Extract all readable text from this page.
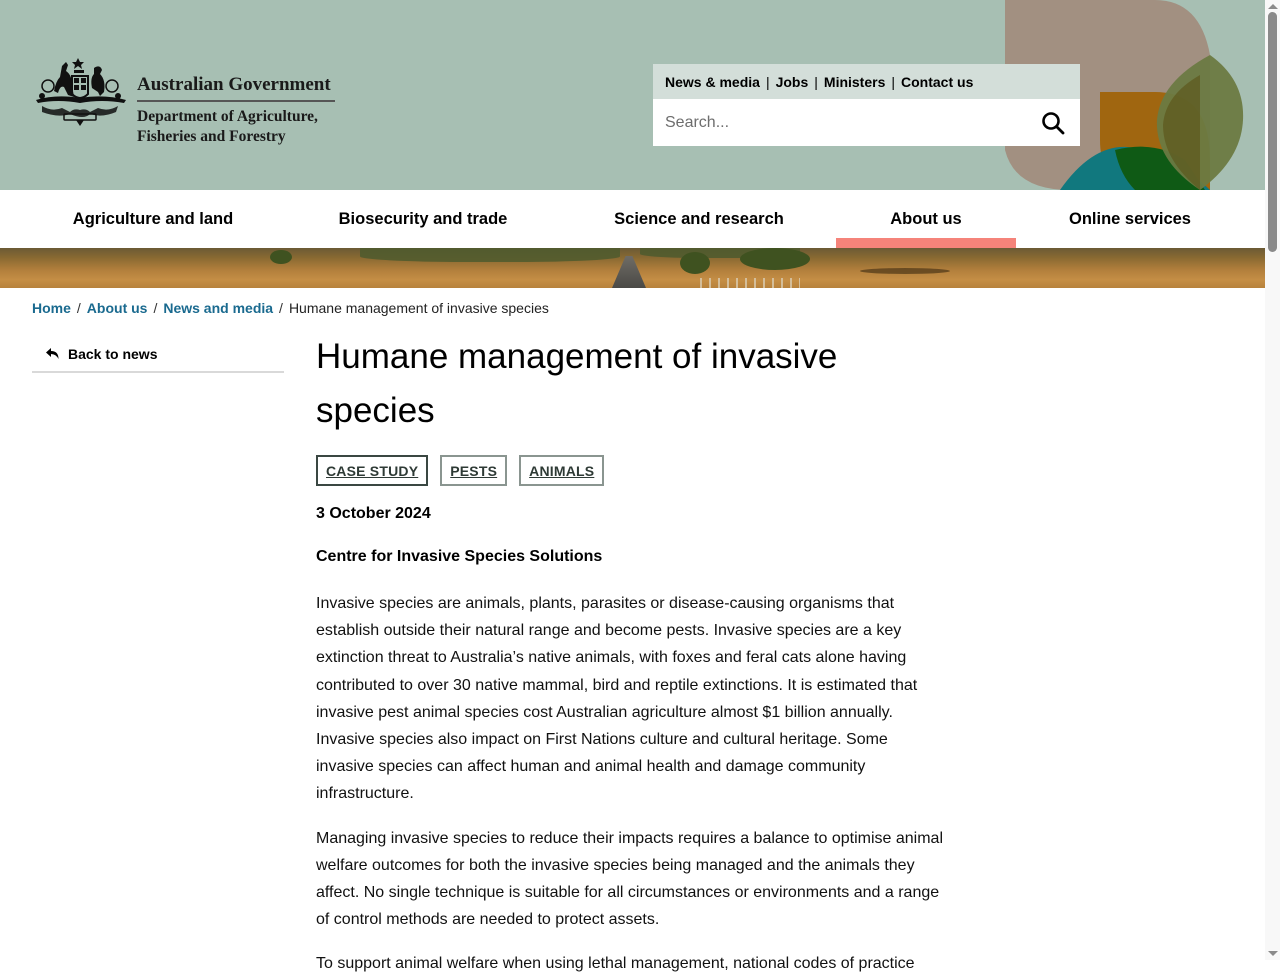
Australian Government
Department of Agriculture,
Fisheries and Forestry
News & media | Jobs | Ministers | Contact us
Search...
Agriculture and land	Biosecurity and trade	Science and research	About us	Online services
Home / About us / News and media / Humane management of invasive species
Back to news	Humane management of invasive species
CASE STUDY	PESTS	ANIMALS
3 October 2024
Centre for Invasive Species Solutions

Invasive species are animals, plants, parasites or disease-causing organisms that establish outside their natural range and become pests. Invasive species are a key extinction threat to Australia’s native animals, with foxes and feral cats alone having contributed to over 30 native mammal, bird and reptile extinctions. It is estimated that invasive pest animal species cost Australian agriculture almost $1 billion annually. Invasive species also impact on First Nations culture and cultural heritage. Some invasive species can affect human and animal health and damage community infrastructure.

Managing invasive species to reduce their impacts requires a balance to optimise animal welfare outcomes for both the invasive species being managed and the animals they affect. No single technique is suitable for all circumstances or environments and a range of control methods are needed to protect assets.

To support animal welfare when using lethal management, national codes of practice
